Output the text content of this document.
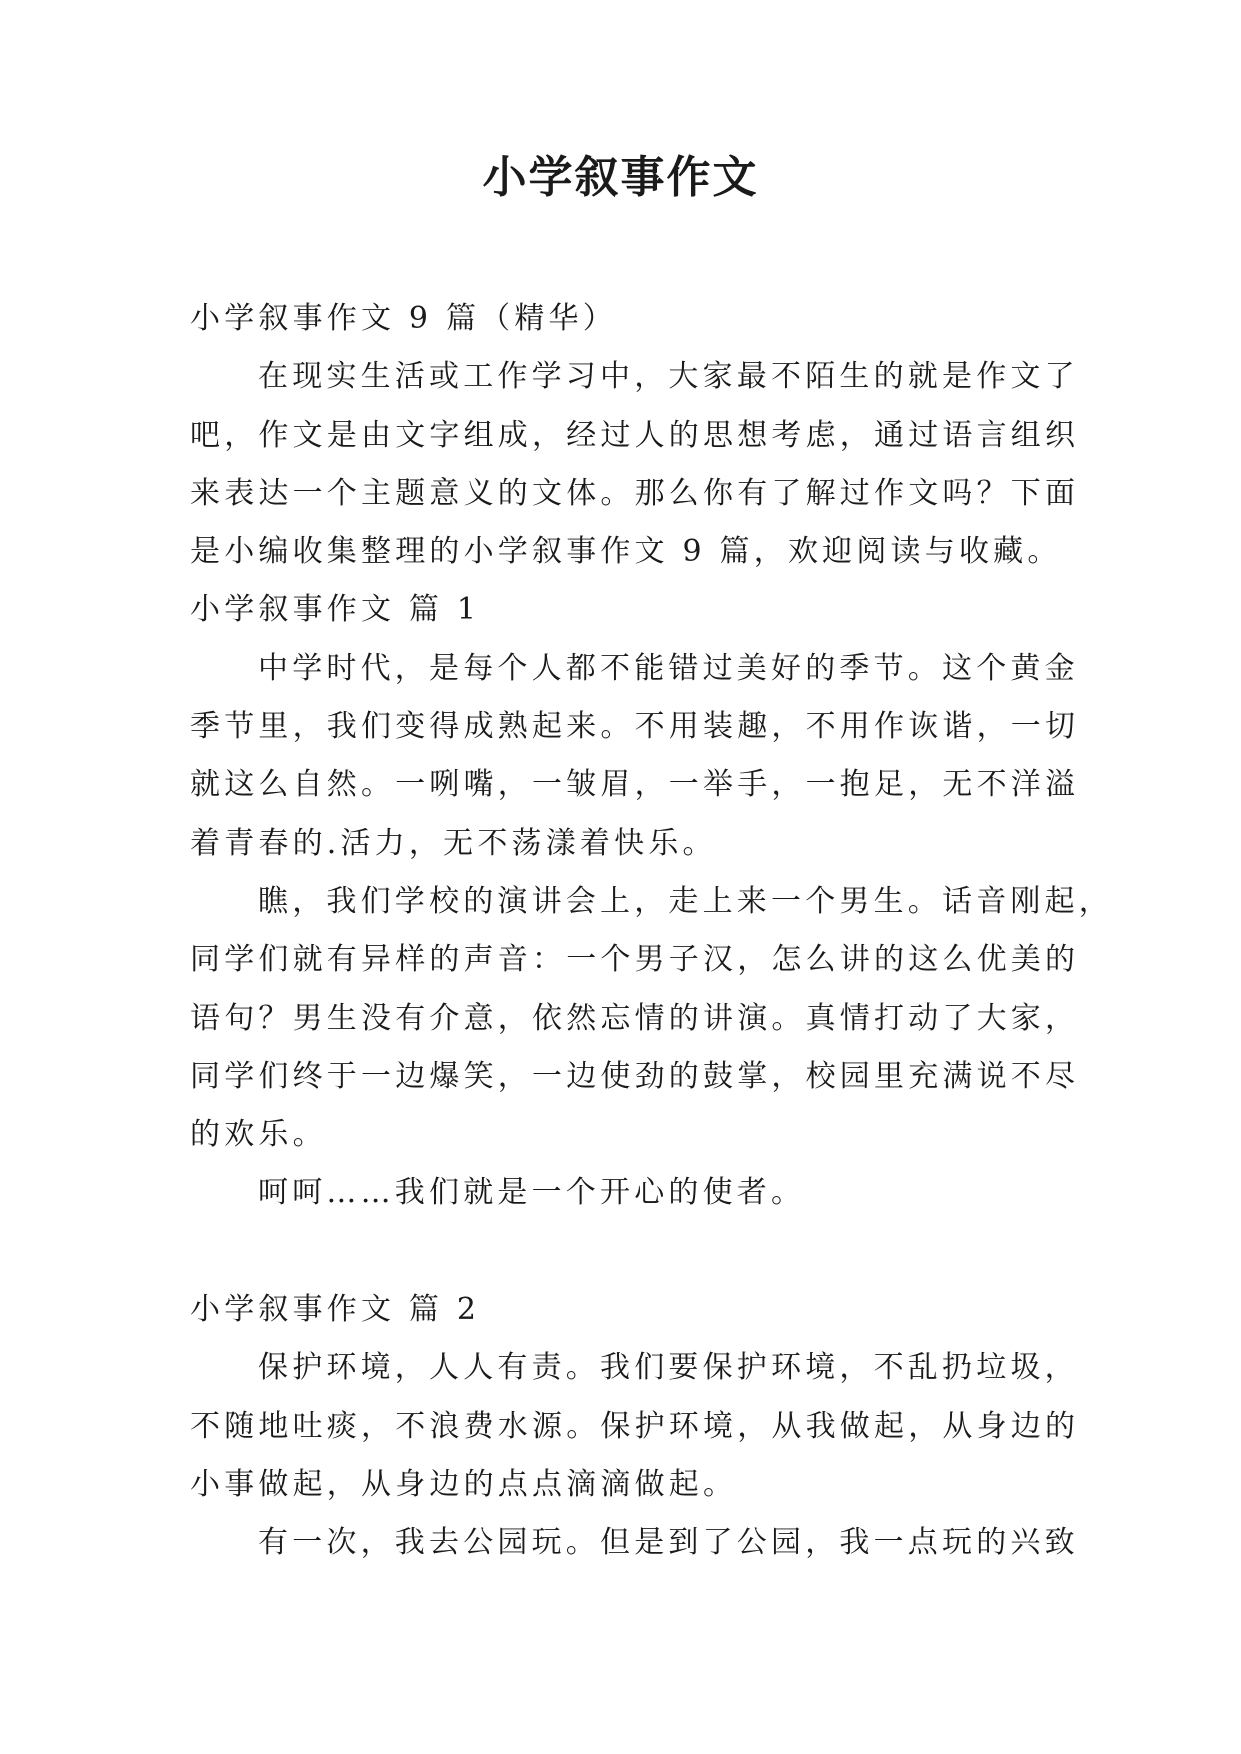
小学叙事作文
小学叙事作文 9 篇（精华）
在现实生活或工作学习中，大家最不陌生的就是作文了
吧，作文是由文字组成，经过人的思想考虑，通过语言组织
来表达一个主题意义的文体。那么你有了解过作文吗？下面
是小编收集整理的小学叙事作文 9 篇，欢迎阅读与收藏。
小学叙事作文 篇 1
中学时代，是每个人都不能错过美好的季节。这个黄金
季节里，我们变得成熟起来。不用装趣，不用作诙谐，一切
就这么自然。一咧嘴，一皱眉，一举手，一抱足，无不洋溢
着青春的.活力，无不荡漾着快乐。
瞧，我们学校的演讲会上，走上来一个男生。话音刚起，
同学们就有异样的声音：一个男子汉，怎么讲的这么优美的
语句？男生没有介意，依然忘情的讲演。真情打动了大家，
同学们终于一边爆笑，一边使劲的鼓掌，校园里充满说不尽
的欢乐。
呵呵……我们就是一个开心的使者。
小学叙事作文 篇 2
保护环境，人人有责。我们要保护环境，不乱扔垃圾，
不随地吐痰，不浪费水源。保护环境，从我做起，从身边的
小事做起，从身边的点点滴滴做起。
有一次，我去公园玩。但是到了公园，我一点玩的兴致
